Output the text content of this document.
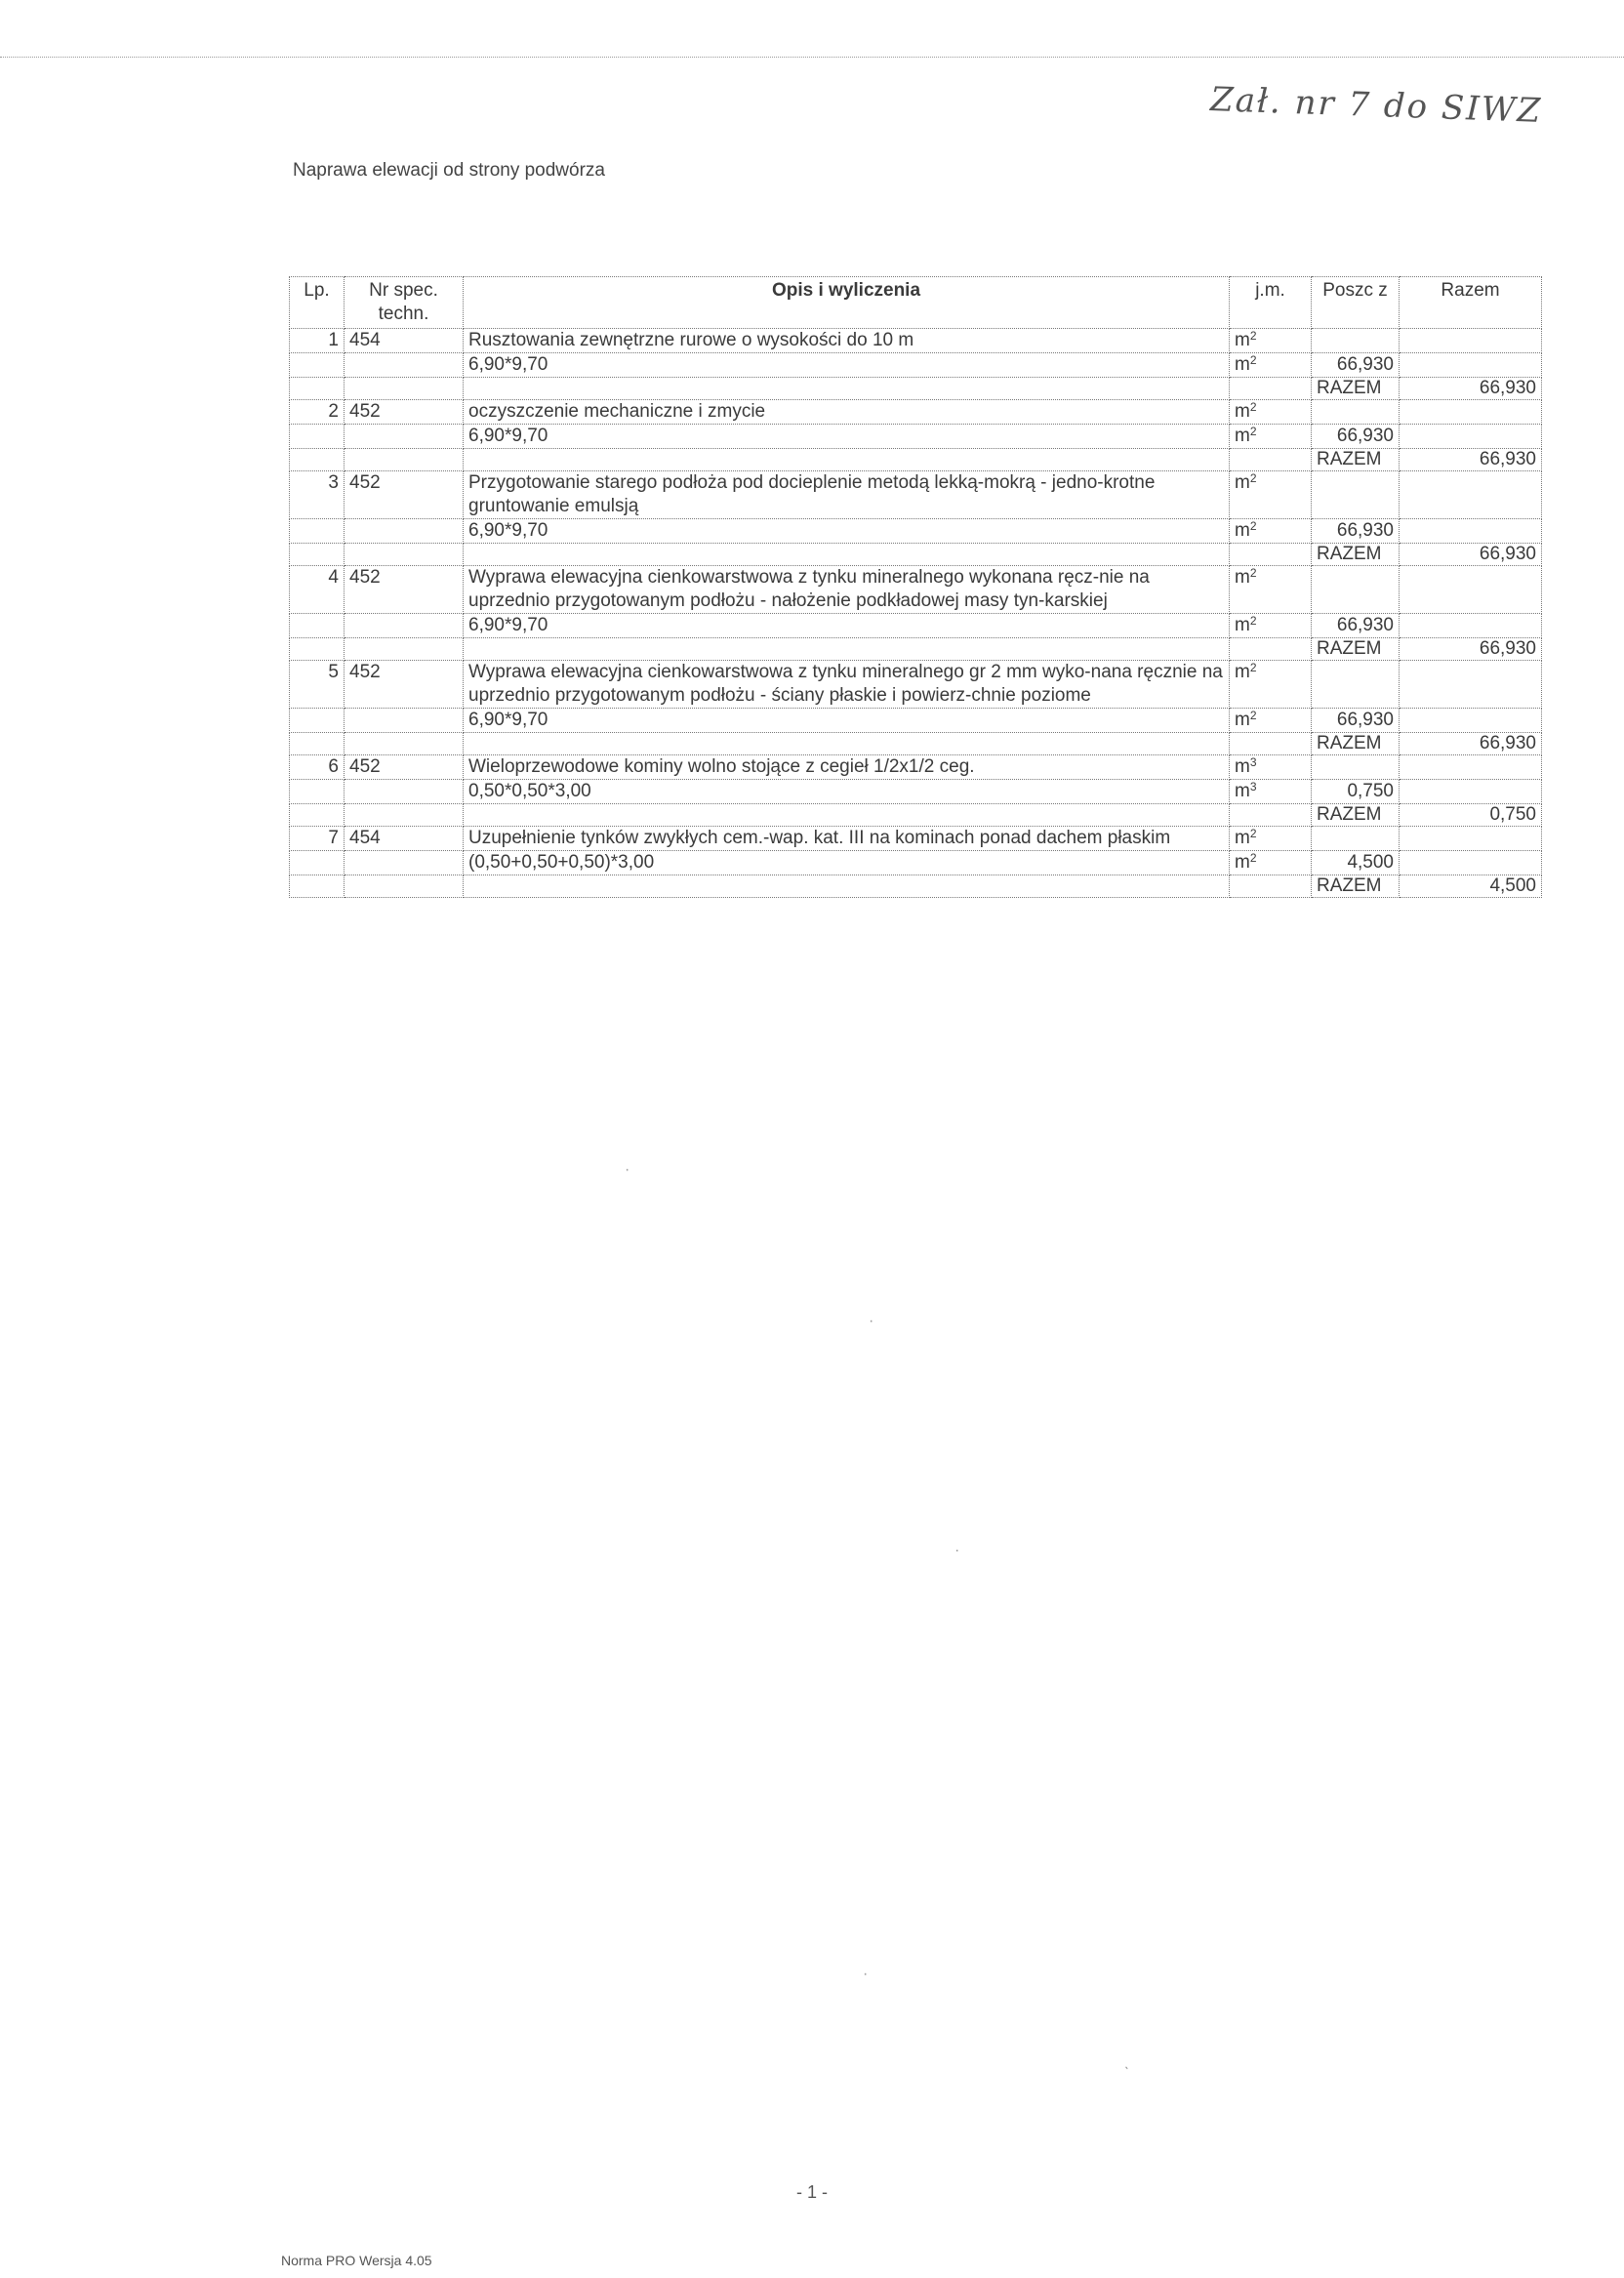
Zał. nr 7 do SIWZ
Naprawa elewacji od strony podwórza
Lp.	Nr spec. techn.	Opis i wyliczenia	j.m.	Poszc z	Razem
1	454	Rusztowania zewnętrzne rurowe o wysokości do 10 m	$m^2$		
		6,90*9,70	$m^2$	66,930	
				RAZEM	66,930
2	452	oczyszczenie mechaniczne i zmycie	$m^2$		
		6,90*9,70	$m^2$	66,930	
				RAZEM	66,930
3	452	Przygotowanie starego podłoża pod docieplenie metodą lekką-mokrą - jedno-krotne gruntowanie emulsją	$m^2$		
		6,90*9,70	$m^2$	66,930	
				RAZEM	66,930
4	452	Wyprawa elewacyjna cienkowarstwowa z tynku mineralnego wykonana ręcz-nie na uprzednio przygotowanym podłożu - nałożenie podkładowej masy tyn-karskiej	$m^2$		
		6,90*9,70	$m^2$	66,930	
				RAZEM	66,930
5	452	Wyprawa elewacyjna cienkowarstwowa z tynku mineralnego gr 2 mm wyko-nana ręcznie na uprzednio przygotowanym podłożu - ściany płaskie i powierz-chnie poziome	$m^2$		
		6,90*9,70	$m^2$	66,930	
				RAZEM	66,930
6	452	Wieloprzewodowe kominy wolno stojące z cegieł 1/2x1/2 ceg.	$m^3$		
		0,50*0,50*3,00	$m^3$	0,750	
				RAZEM	0,750
7	454	Uzupełnienie tynków zwykłych cem.-wap. kat. III na kominach ponad dachem płaskim	$m^2$		
		(0,50+0,50+0,50)*3,00	$m^2$	4,500	
				RAZEM	4,500
·
·
·
·
ˎ
- 1 -
Norma PRO Wersja 4.05
